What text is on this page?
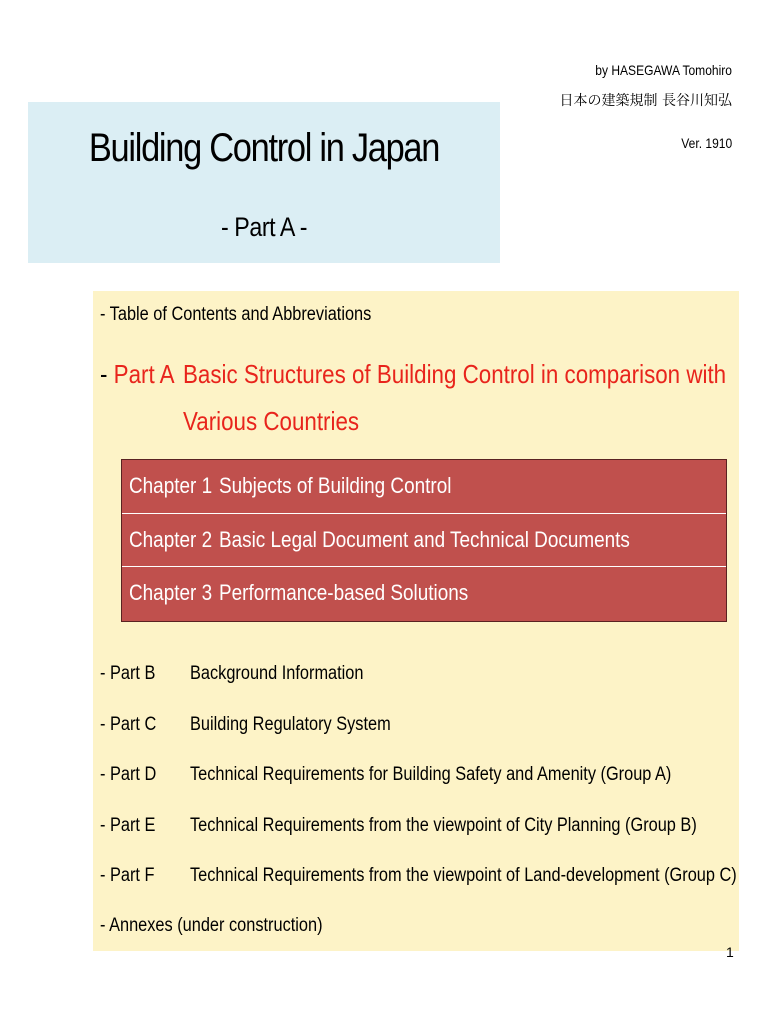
by HASEGAWA Tomohiro
日本の建築規制 長谷川知弘
Ver. 1910
Building Control in Japan
- Part A -
- Table of Contents and Abbreviations
- Part A Basic Structures of Building Control in comparison with
Various Countries
Chapter 1 Subjects of Building Control
Chapter 2 Basic Legal Document and Technical Documents
Chapter 3 Performance-based Solutions
- Part B Background Information
- Part C Building Regulatory System
- Part D Technical Requirements for Building Safety and Amenity (Group A)
- Part E Technical Requirements from the viewpoint of City Planning (Group B)
- Part F Technical Requirements from the viewpoint of Land-development (Group C)
- Annexes (under construction)
1
